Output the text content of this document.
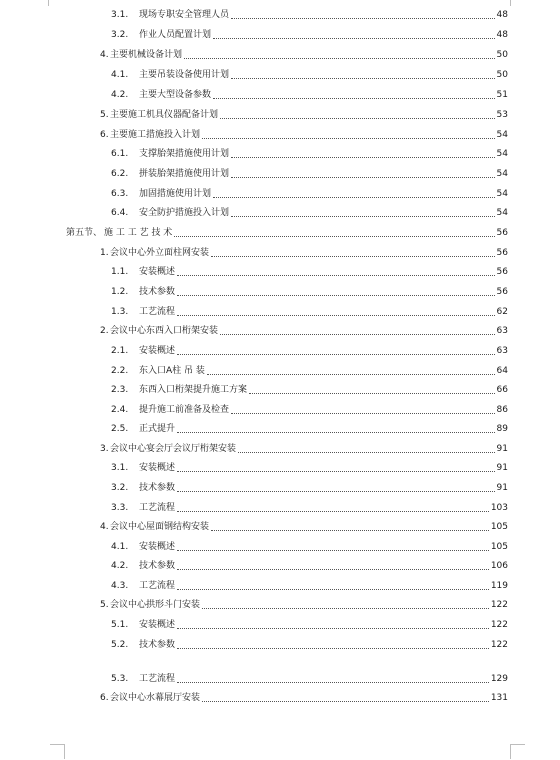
3.1.	现场专职安全管理人员	48
3.2.	作业人员配置计划	48
4. 主要机械设备计划	50
4.1.	主要吊装设备使用计划	50
4.2.	主要大型设备参数	51
5. 主要施工机具仪器配备计划	53
6. 主要施工措施投入计划	54
6.1.	支撑胎架措施使用计划	54
6.2.	拼装胎架措施使用计划	54
6.3.	加固措施使用计划	54
6.4.	安全防护措施投入计划	54
第五节、 施 工 工 艺 技 术	56
1. 会议中心外立面柱网安装	56
1.1.	安装概述	56
1.2.	技术参数	56
1.3.	工艺流程	62
2. 会议中心东西入口桁架安装	63
2.1.	安装概述	63
2.2.	东入口A柱 吊 装	64
2.3.	东西入口桁架提升施工方案	66
2.4.	提升施工前准备及检查	86
2.5.	正式提升	89
3. 会议中心宴会厅会议厅桁架安装	91
3.1.	安装概述	91
3.2.	技术参数	91
3.3.	工艺流程	103
4. 会议中心屋面钢结构安装	105
4.1.	安装概述	105
4.2.	技术参数	106
4.3.	工艺流程	119
5. 会议中心拱形斗门安装	122
5.1.	安装概述	122
5.2.	技术参数	122
5.3.	工艺流程	129
6. 会议中心水幕展厅安装	131
